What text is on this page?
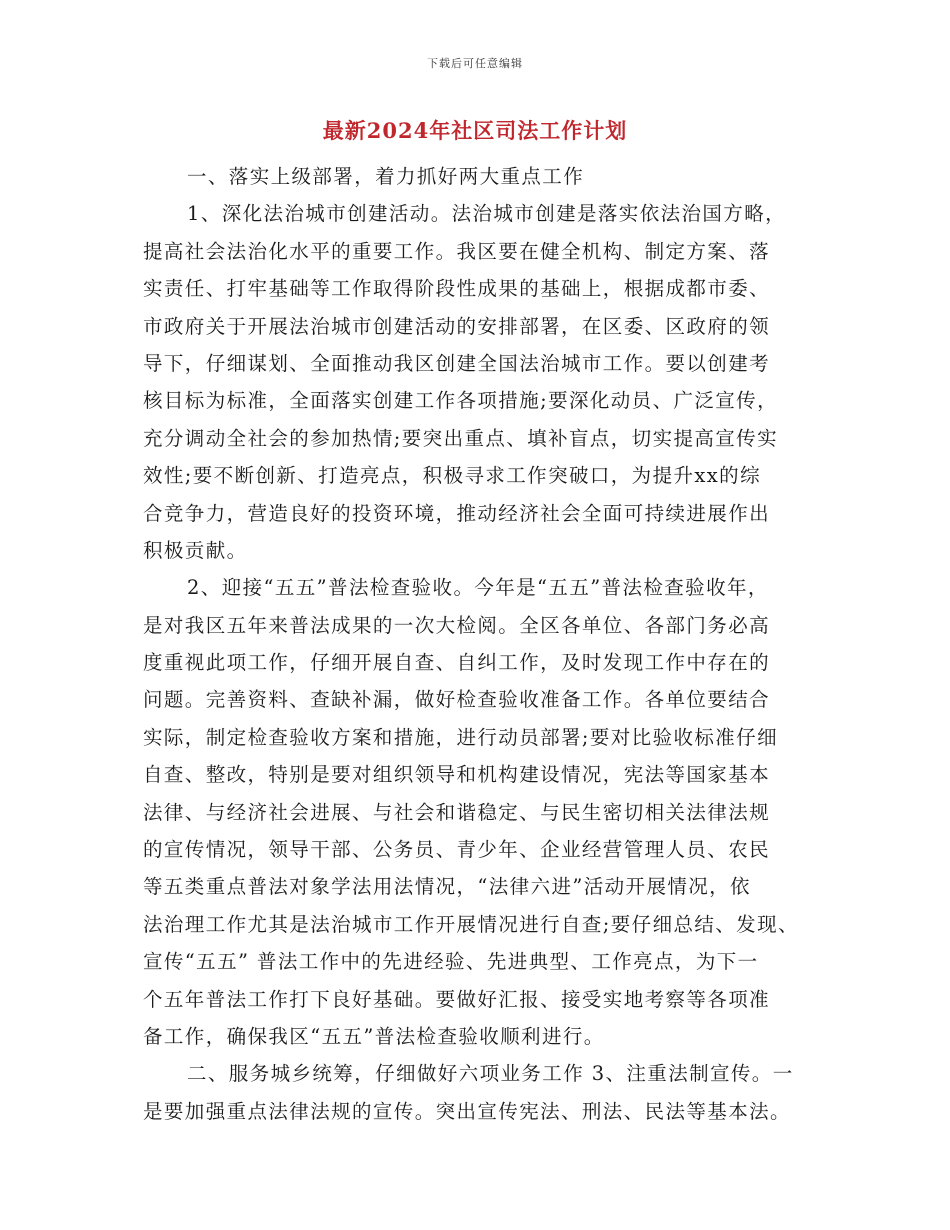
下载后可任意编辑
最新2024年社区司法工作计划
一、落实上级部署，着力抓好两大重点工作
1、深化法治城市创建活动。法治城市创建是落实依法治国方略，
提高社会法治化水平的重要工作。我区要在健全机构、制定方案、落
实责任、打牢基础等工作取得阶段性成果的基础上，根据成都市委、
市政府关于开展法治城市创建活动的安排部署，在区委、区政府的领
导下，仔细谋划、全面推动我区创建全国法治城市工作。要以创建考
核目标为标准，全面落实创建工作各项措施;要深化动员、广泛宣传，
充分调动全社会的参加热情;要突出重点、填补盲点，切实提高宣传实
效性;要不断创新、打造亮点，积极寻求工作突破口，为提升xx的综
合竞争力，营造良好的投资环境，推动经济社会全面可持续进展作出
积极贡献。
2、迎接“五五”普法检查验收。今年是“五五”普法检查验收年，
是对我区五年来普法成果的一次大检阅。全区各单位、各部门务必高
度重视此项工作，仔细开展自查、自纠工作，及时发现工作中存在的
问题。完善资料、查缺补漏，做好检查验收准备工作。各单位要结合
实际，制定检查验收方案和措施，进行动员部署;要对比验收标准仔细
自查、整改，特别是要对组织领导和机构建设情况，宪法等国家基本
法律、与经济社会进展、与社会和谐稳定、与民生密切相关法律法规
的宣传情况，领导干部、公务员、青少年、企业经营管理人员、农民
等五类重点普法对象学法用法情况，“法律六进”活动开展情况，依
法治理工作尤其是法治城市工作开展情况进行自查;要仔细总结、发现、
宣传“五五” 普法工作中的先进经验、先进典型、工作亮点，为下一
个五年普法工作打下良好基础。要做好汇报、接受实地考察等各项准
备工作，确保我区“五五”普法检查验收顺利进行。
二、服务城乡统筹，仔细做好六项业务工作 3、注重法制宣传。一
是要加强重点法律法规的宣传。突出宣传宪法、刑法、民法等基本法。
